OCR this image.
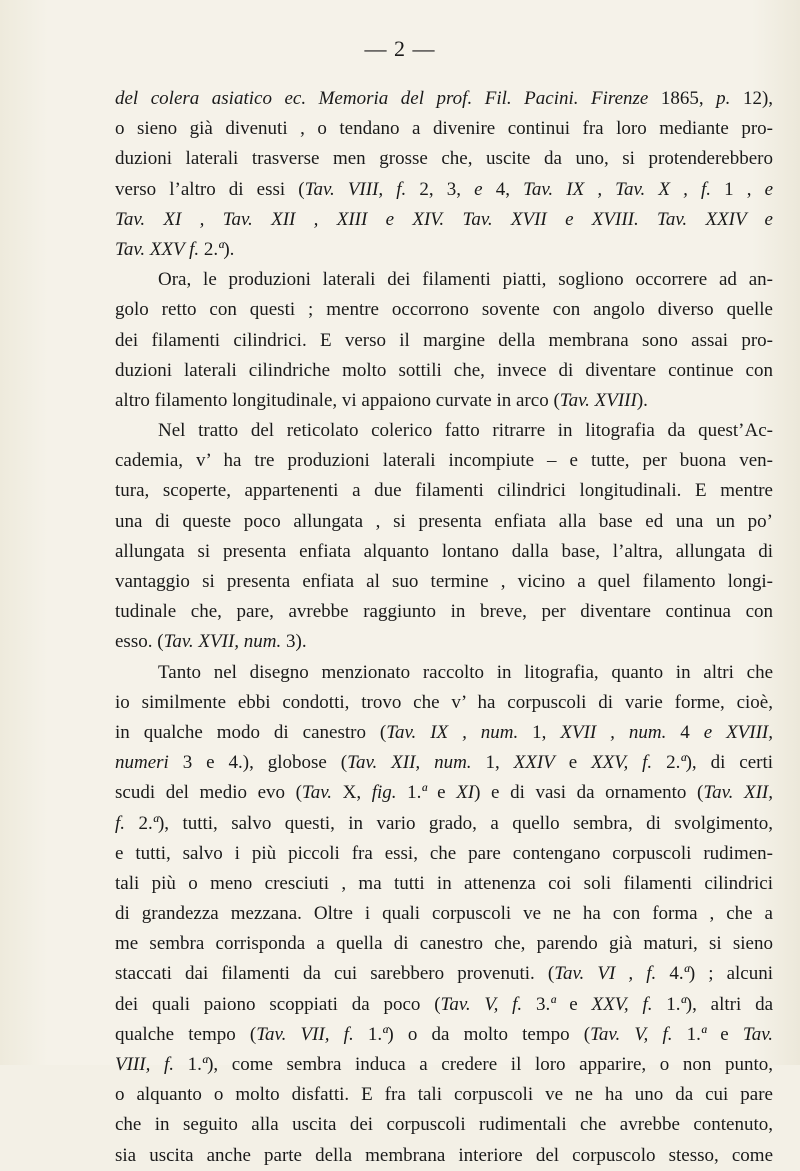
— 2 —
del colera asiatico ec. Memoria del prof. Fil. Pacini. Firenze 1865, p. 12),
o sieno già divenuti , o tendano a divenire continui fra loro mediante pro-
duzioni laterali trasverse men grosse che, uscite da uno, si protenderebbero
verso l’altro di essi (Tav. VIII, f. 2, 3, e 4, Tav. IX , Tav. X , f. 1 , e
Tav. XI , Tav. XII , XIII e XIV. Tav. XVII e XVIII. Tav. XXIV e
Tav. XXV f. 2.ª).
Ora, le produzioni laterali dei filamenti piatti, sogliono occorrere ad an-
golo retto con questi ; mentre occorrono sovente con angolo diverso quelle
dei filamenti cilindrici. E verso il margine della membrana sono assai pro-
duzioni laterali cilindriche molto sottili che, invece di diventare continue con
altro filamento longitudinale, vi appaiono curvate in arco (Tav. XVIII).
Nel tratto del reticolato colerico fatto ritrarre in litografia da quest’Ac-
cademia, v’ ha tre produzioni laterali incompiute – e tutte, per buona ven-
tura, scoperte, appartenenti a due filamenti cilindrici longitudinali. E mentre
una di queste poco allungata , si presenta enfiata alla base ed una un po’
allungata si presenta enfiata alquanto lontano dalla base, l’altra, allungata di
vantaggio si presenta enfiata al suo termine , vicino a quel filamento longi-
tudinale che, pare, avrebbe raggiunto in breve, per diventare continua con
esso. (Tav. XVII, num. 3).
Tanto nel disegno menzionato raccolto in litografia, quanto in altri che
io similmente ebbi condotti, trovo che v’ ha corpuscoli di varie forme, cioè,
in qualche modo di canestro (Tav. IX , num. 1, XVII , num. 4 e XVIII,
numeri 3 e 4.), globose (Tav. XII, num. 1, XXIV e XXV, f. 2.ª), di certi
scudi del medio evo (Tav. X, fig. 1.ª e XI) e di vasi da ornamento (Tav. XII,
f. 2.ª), tutti, salvo questi, in vario grado, a quello sembra, di svolgimento,
e tutti, salvo i più piccoli fra essi, che pare contengano corpuscoli rudimen-
tali più o meno cresciuti , ma tutti in attenenza coi soli filamenti cilindrici
di grandezza mezzana. Oltre i quali corpuscoli ve ne ha con forma , che a
me sembra corrisponda a quella di canestro che, parendo già maturi, si sieno
staccati dai filamenti da cui sarebbero provenuti. (Tav. VI , f. 4.ª) ; alcuni
dei quali paiono scoppiati da poco (Tav. V, f. 3.ª e XXV, f. 1.ª), altri da
qualche tempo (Tav. VII, f. 1.ª) o da molto tempo (Tav. V, f. 1.ª e Tav.
VIII, f. 1.ª), come sembra induca a credere il loro apparire, o non punto,
o alquanto o molto disfatti. E fra tali corpuscoli ve ne ha uno da cui pare
che in seguito alla uscita dei corpuscoli rudimentali che avrebbe contenuto,
sia uscita anche parte della membrana interiore del corpuscolo stesso, come
